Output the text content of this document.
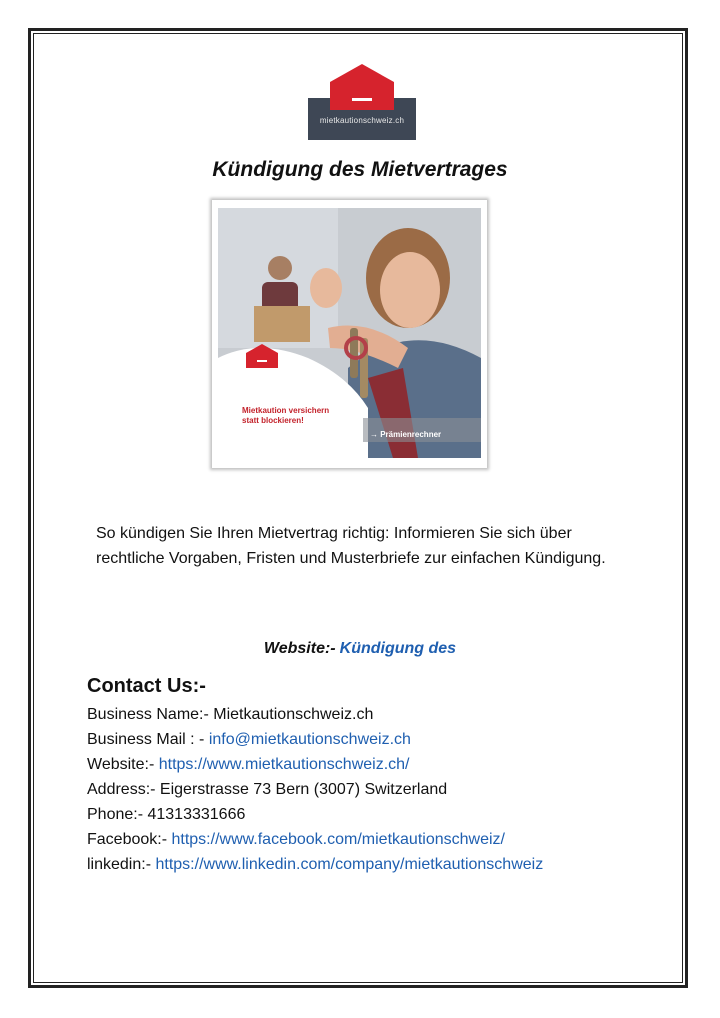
mietkautionschweiz.ch
Kündigung des Mietvertrages
Mietkaution versichern statt blockieren!
→ Prämienrechner
So kündigen Sie Ihren Mietvertrag richtig: Informieren Sie sich über rechtliche Vorgaben, Fristen und Musterbriefe zur einfachen Kündigung.
Website:- Kündigung des
Contact Us:-
Business Name:- Mietkautionschweiz.ch
Business Mail : - info@mietkautionschweiz.ch
Website:- https://www.mietkautionschweiz.ch/
Address:- Eigerstrasse 73 Bern (3007) Switzerland
Phone:- 41313331666
Facebook:- https://www.facebook.com/mietkautionschweiz/
linkedin:- https://www.linkedin.com/company/mietkautionschweiz
